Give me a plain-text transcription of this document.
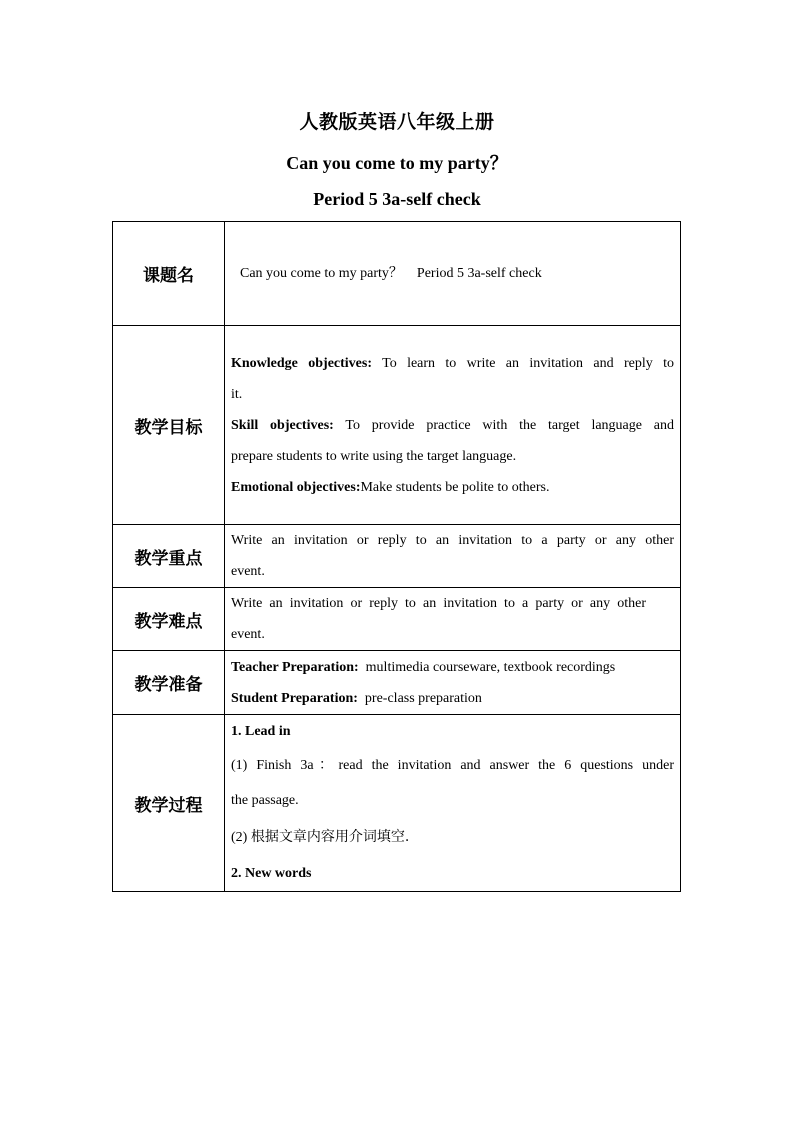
人教版英语八年级上册
Can you come to my party？
Period 5 3a-self check
课题名	Can you come to my party？    Period 5 3a-self check

教学目标	Knowledge objectives: To learn to write an invitation and reply to
it.
Skill objectives: To provide practice with the target language and
prepare students to write using the target language.
Emotional objectives:Make students be polite to others.

教学重点	Write an invitation or reply to an invitation to a party or any other
event.

教学难点	Write an invitation or reply to an invitation to a party or any other
event.

教学准备	Teacher Preparation: multimedia courseware, textbook recordings
Student Preparation: pre-class preparation

教学过程	1. Lead in
(1) Finish 3a：read the invitation and answer the 6 questions under
the passage.
(2) 根据文章内容用介词填空.
2. New words
